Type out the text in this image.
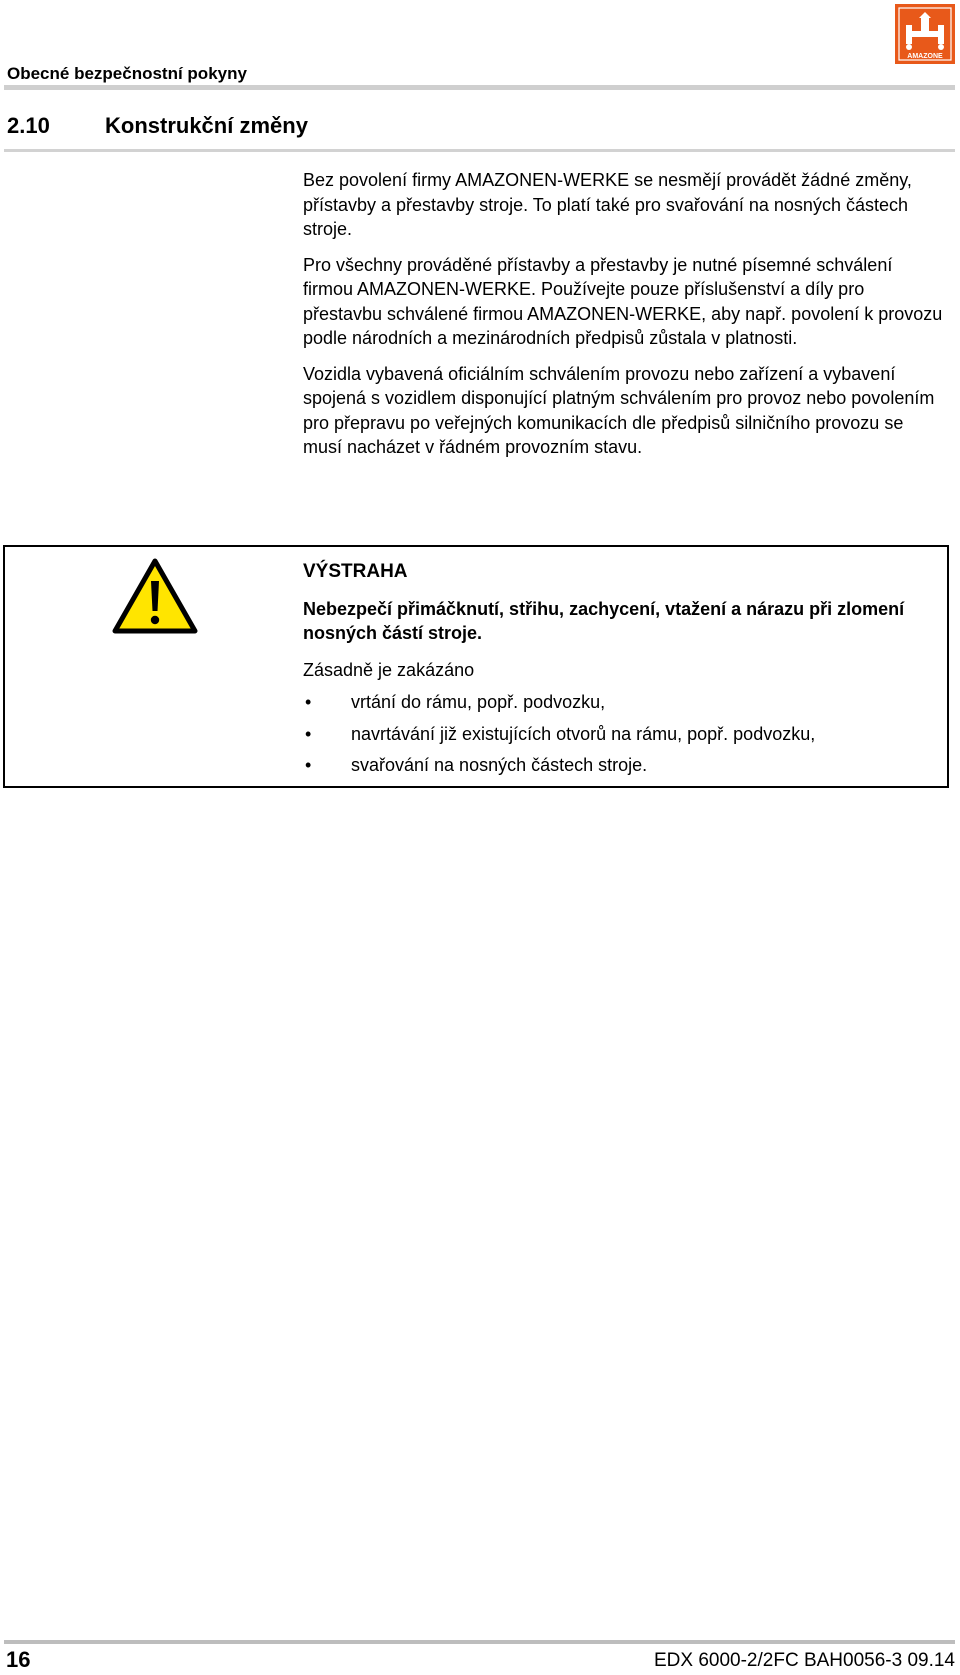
Obecné bezpečnostní pokyny
AMAZONE
2.10	Konstrukční změny

Bez povolení firmy AMAZONEN-WERKE se nesmějí provádět žádné změny, přístavby a přestavby stroje. To platí také pro svařování na nosných částech stroje.

Pro všechny prováděné přístavby a přestavby je nutné písemné schválení firmou AMAZONEN-WERKE. Používejte pouze příslušenství a díly pro přestavbu schválené firmou AMAZONEN-WERKE, aby např. povolení k provozu podle národních a mezinárodních předpisů zůstala v platnosti.

Vozidla vybavená oficiálním schválením provozu nebo zařízení a vybavení spojená s vozidlem disponující platným schválením pro provoz nebo povolením pro přepravu po veřejných komunikacích dle předpisů silničního provozu se musí nacházet v řádném provozním stavu.

VÝSTRAHA

Nebezpečí přimáčknutí, střihu, zachycení, vtažení a nárazu při zlomení nosných částí stroje.

Zásadně je zakázáno

• vrtání do rámu, popř. podvozku,
• navrtávání již existujících otvorů na rámu, popř. podvozku,
• svařování na nosných částech stroje.
16	EDX 6000-2/2FC BAH0056-3 09.14
